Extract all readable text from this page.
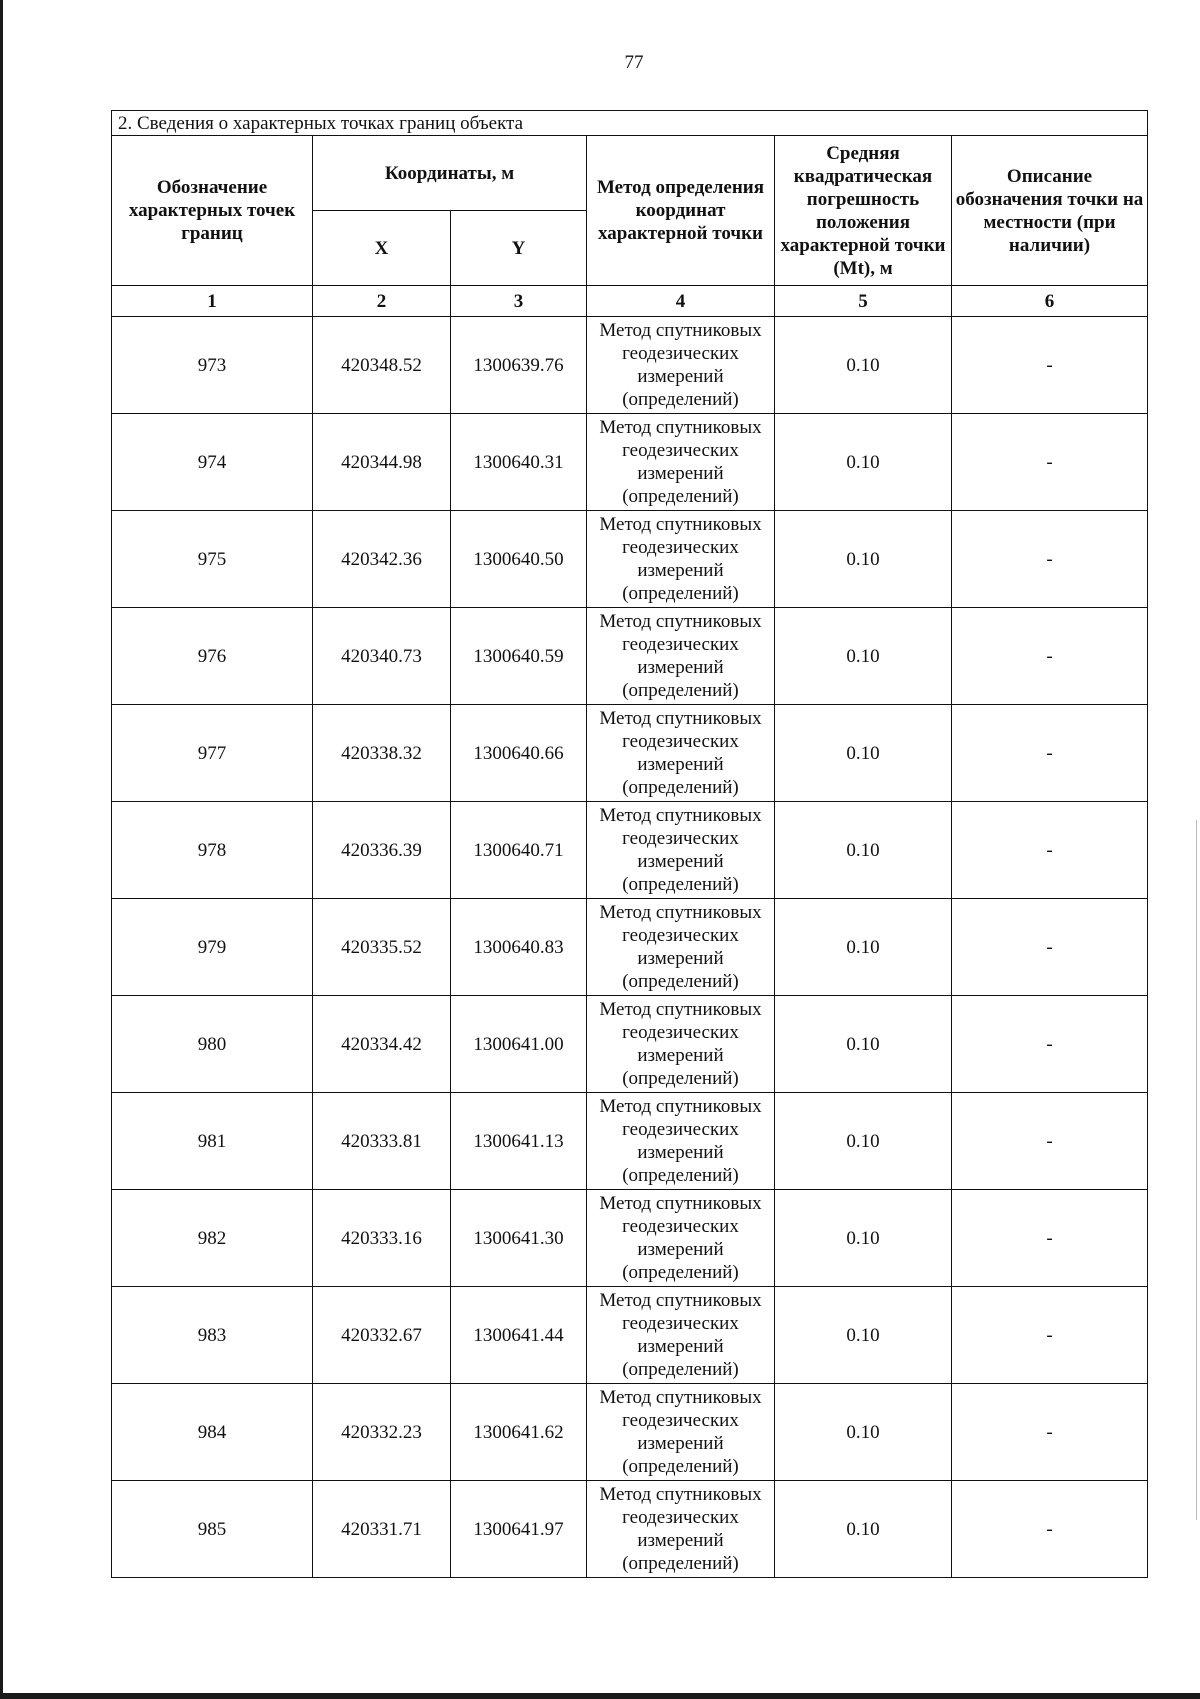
77
2. Сведения о характерных точках границ объекта					
Обозначение характерных точек границ	Координаты, м		Метод определения координат характерной точки	Средняя квадратическая погрешность положения характерной точки (Mt), м	Описание обозначения точки на местности (при наличии)
	X	Y			
1	2	3	4	5	6
973	420348.52	1300639.76	Метод спутниковых геодезических измерений (определений)	0.10	-
974	420344.98	1300640.31	Метод спутниковых геодезических измерений (определений)	0.10	-
975	420342.36	1300640.50	Метод спутниковых геодезических измерений (определений)	0.10	-
976	420340.73	1300640.59	Метод спутниковых геодезических измерений (определений)	0.10	-
977	420338.32	1300640.66	Метод спутниковых геодезических измерений (определений)	0.10	-
978	420336.39	1300640.71	Метод спутниковых геодезических измерений (определений)	0.10	-
979	420335.52	1300640.83	Метод спутниковых геодезических измерений (определений)	0.10	-
980	420334.42	1300641.00	Метод спутниковых геодезических измерений (определений)	0.10	-
981	420333.81	1300641.13	Метод спутниковых геодезических измерений (определений)	0.10	-
982	420333.16	1300641.30	Метод спутниковых геодезических измерений (определений)	0.10	-
983	420332.67	1300641.44	Метод спутниковых геодезических измерений (определений)	0.10	-
984	420332.23	1300641.62	Метод спутниковых геодезических измерений (определений)	0.10	-
985	420331.71	1300641.97	Метод спутниковых геодезических измерений (определений)	0.10	-
